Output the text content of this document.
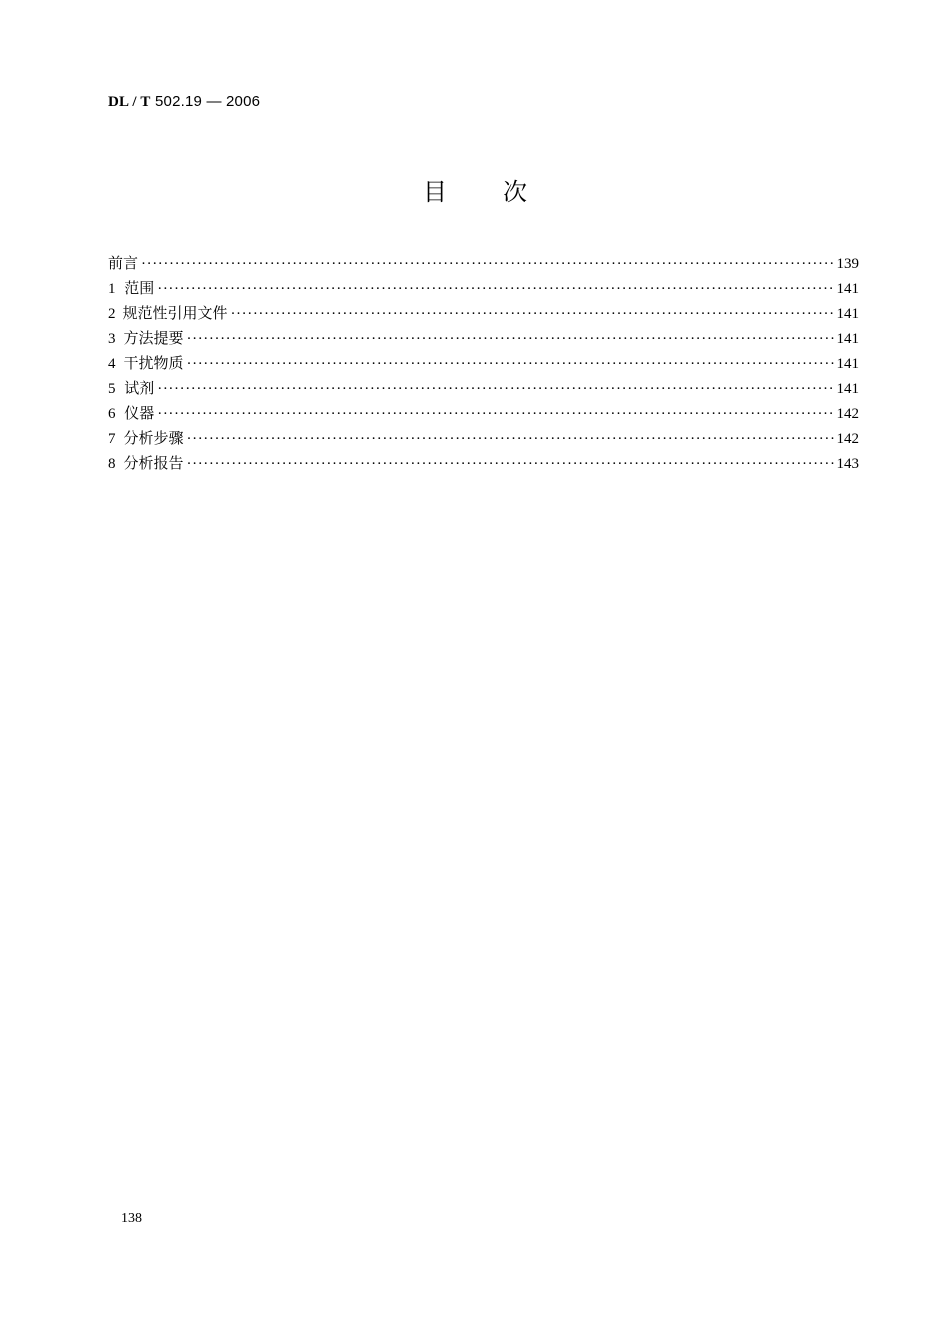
DL / T 502.19 — 2006
目次
前言 ·····	139
1 范围 ·····	141
2 规范性引用文件 ·····	141
3 方法提要 ·····	141
4 干扰物质 ·····	141
5 试剂 ·····	141
6 仪器 ·····	142
7 分析步骤 ·····	142
8 分析报告 ·····	143
138
